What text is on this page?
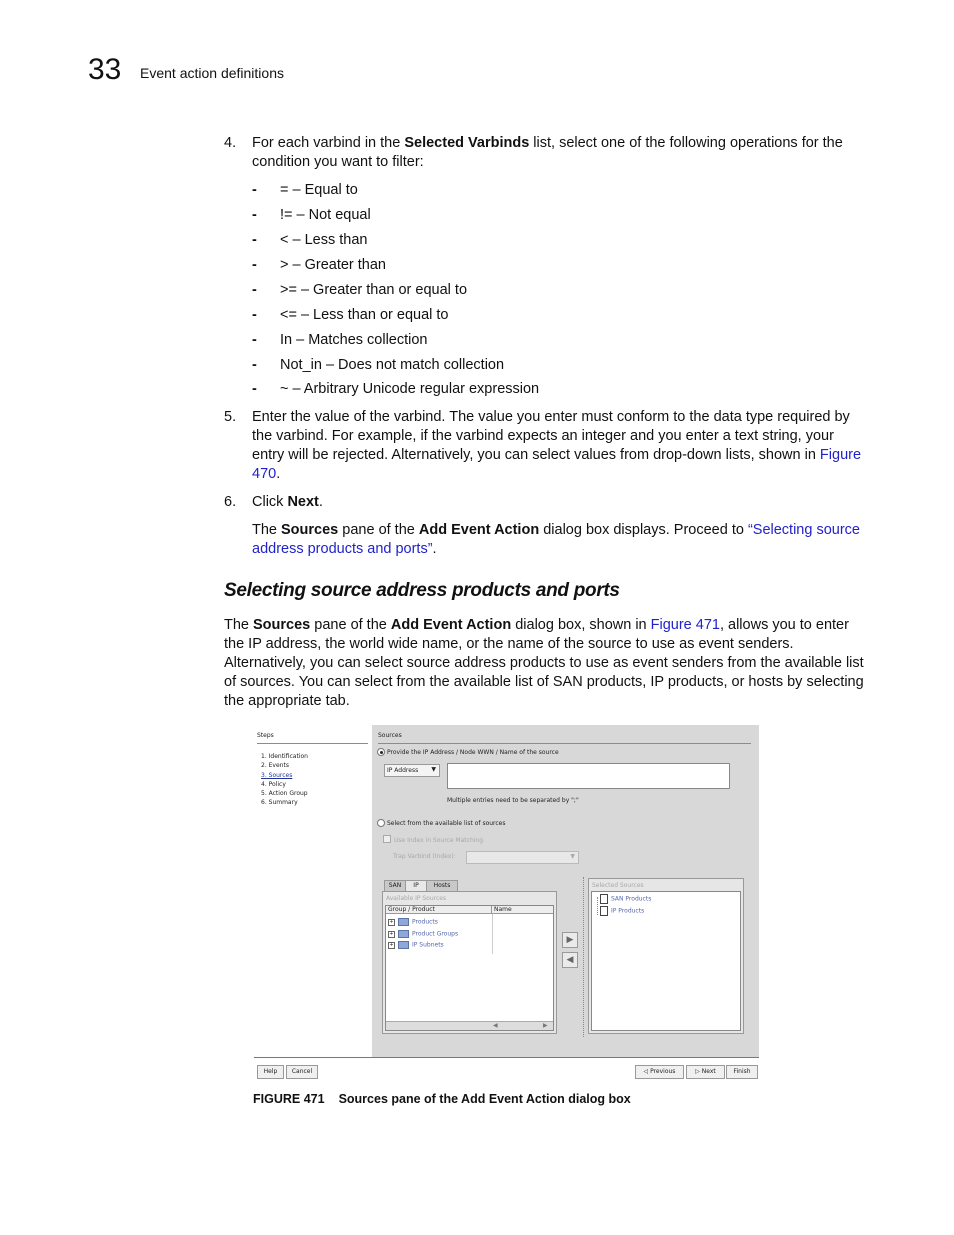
33 Event action definitions
4. For each varbind in the Selected Varbinds list, select one of the following operations for the condition you want to filter:
- = – Equal to
- != – Not equal
- < – Less than
- > – Greater than
- >= – Greater than or equal to
- <= – Less than or equal to
- In – Matches collection
- Not_in – Does not match collection
- ~ – Arbitrary Unicode regular expression
5. Enter the value of the varbind. The value you enter must conform to the data type required by the varbind. For example, if the varbind expects an integer and you enter a text string, your entry will be rejected. Alternatively, you can select values from drop-down lists, shown in Figure 470.
6. Click Next.
The Sources pane of the Add Event Action dialog box displays. Proceed to “Selecting source address products and ports”.
Selecting source address products and ports
The Sources pane of the Add Event Action dialog box, shown in Figure 471, allows you to enter the IP address, the world wide name, or the name of the source to use as event senders. Alternatively, you can select source address products to use as event senders from the available list of sources. You can select from the available list of SAN products, IP products, or hosts by selecting the appropriate tab.
Steps
1. Identification
2. Events
3. Sources
4. Policy
5. Action Group
6. Summary
Sources
Provide the IP Address / Node WWN / Name of the source
IP Address ▼
Multiple entries need to be separated by ";"
Select from the available list of sources
Use Index in Source Matching
Trap Varbind (Index):	▼
SAN	IP	Hosts
Available IP Sources
Group / Product	Name
+	Products
+	Product Groups
+	IP Subnets
◀	▶
▶
◀
Selected Sources
SAN Products
IP Products
Help	Cancel	◁ Previous	▷ Next	Finish
FIGURE 471 Sources pane of the Add Event Action dialog box
